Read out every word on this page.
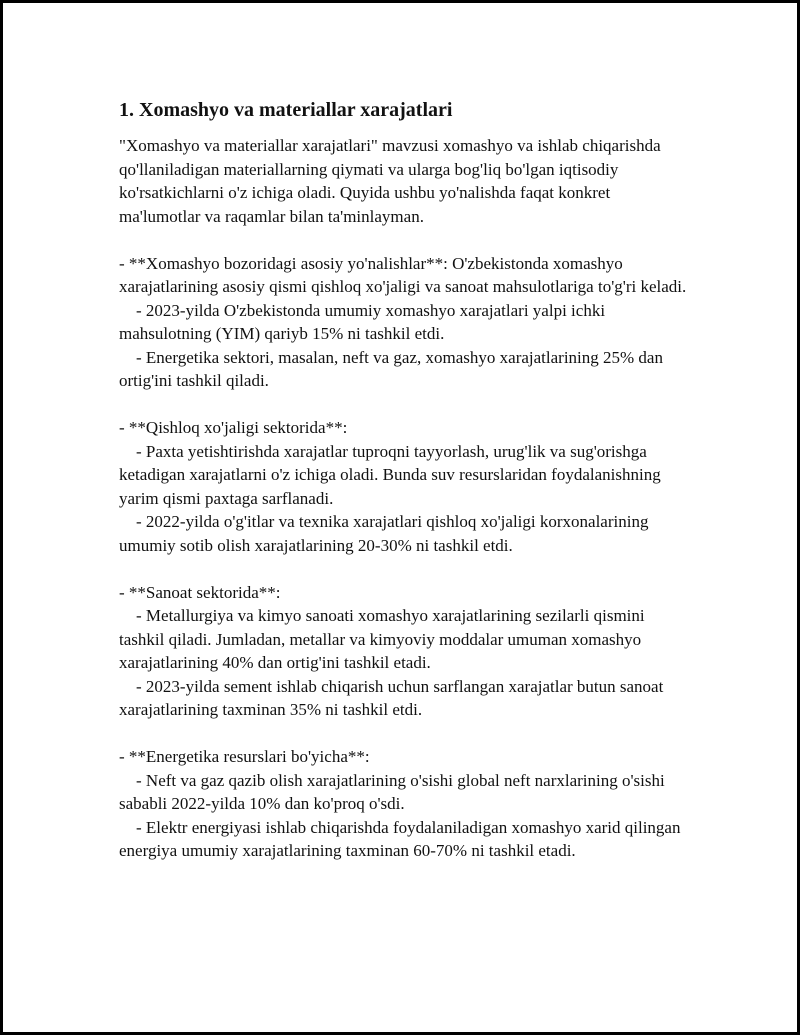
1. Xomashyo va materiallar xarajatlari

"Xomashyo va materiallar xarajatlari" mavzusi xomashyo va ishlab chiqarishda qo'llaniladigan materiallarning qiymati va ularga bog'liq bo'lgan iqtisodiy ko'rsatkichlarni o'z ichiga oladi. Quyida ushbu yo'nalishda faqat konkret ma'lumotlar va raqamlar bilan ta'minlayman.

- **Xomashyo bozoridagi asosiy yo'nalishlar**: O'zbekistonda xomashyo xarajatlarining asosiy qismi qishloq xo'jaligi va sanoat mahsulotlariga to'g'ri keladi.

- 2023-yilda O'zbekistonda umumiy xomashyo xarajatlari yalpi ichki mahsulotning (YIM) qariyb 15% ni tashkil etdi.

- Energetika sektori, masalan, neft va gaz, xomashyo xarajatlarining 25% dan ortig'ini tashkil qiladi.

- **Qishloq xo'jaligi sektorida**:

- Paxta yetishtirishda xarajatlar tuproqni tayyorlash, urug'lik va sug'orishga ketadigan xarajatlarni o'z ichiga oladi. Bunda suv resurslaridan foydalanishning yarim qismi paxtaga sarflanadi.

- 2022-yilda o'g'itlar va texnika xarajatlari qishloq xo'jaligi korxonalarining umumiy sotib olish xarajatlarining 20-30% ni tashkil etdi.

- **Sanoat sektorida**:

- Metallurgiya va kimyo sanoati xomashyo xarajatlarining sezilarli qismini tashkil qiladi. Jumladan, metallar va kimyoviy moddalar umuman xomashyo xarajatlarining 40% dan ortig'ini tashkil etadi.

- 2023-yilda sement ishlab chiqarish uchun sarflangan xarajatlar butun sanoat xarajatlarining taxminan 35% ni tashkil etdi.

- **Energetika resurslari bo'yicha**:

- Neft va gaz qazib olish xarajatlarining o'sishi global neft narxlarining o'sishi sababli 2022-yilda 10% dan ko'proq o'sdi.

- Elektr energiyasi ishlab chiqarishda foydalaniladigan xomashyo xarid qilingan energiya umumiy xarajatlarining taxminan 60-70% ni tashkil etadi.
